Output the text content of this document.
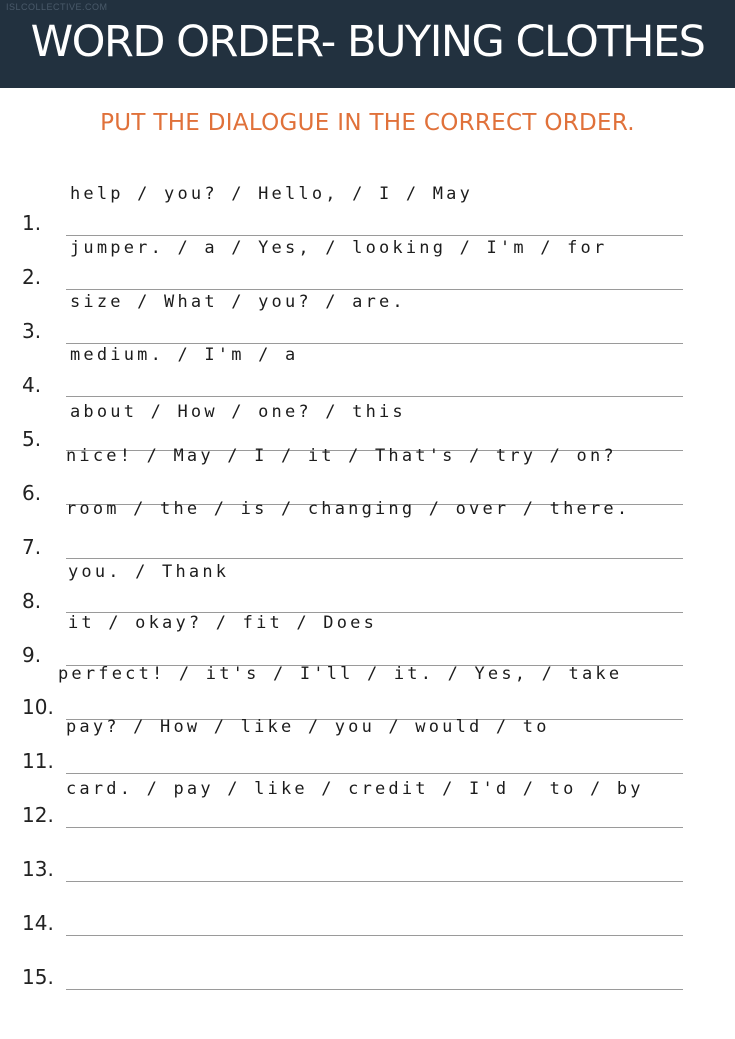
ISLCOLLECTIVE.COM
WORD ORDER- BUYING CLOTHES
PUT THE DIALOGUE IN THE CORRECT ORDER.
1.
help / you? / Hello, / I / May
2.
jumper. / a / Yes, / looking / I'm / for
3.
size / What / you? / are.
4.
medium. / I'm / a
5.
about / How / one? / this
6.
nice! / May / I / it / That's / try / on?
7.
room / the / is / changing / over / there.
8.
you. / Thank
9.
it / okay? / fit / Does
10.
perfect! / it's / I'll / it. / Yes, / take
11.
pay? / How / like / you / would / to
12.
card. / pay / like / credit / I'd / to / by
13.
14.
15.
